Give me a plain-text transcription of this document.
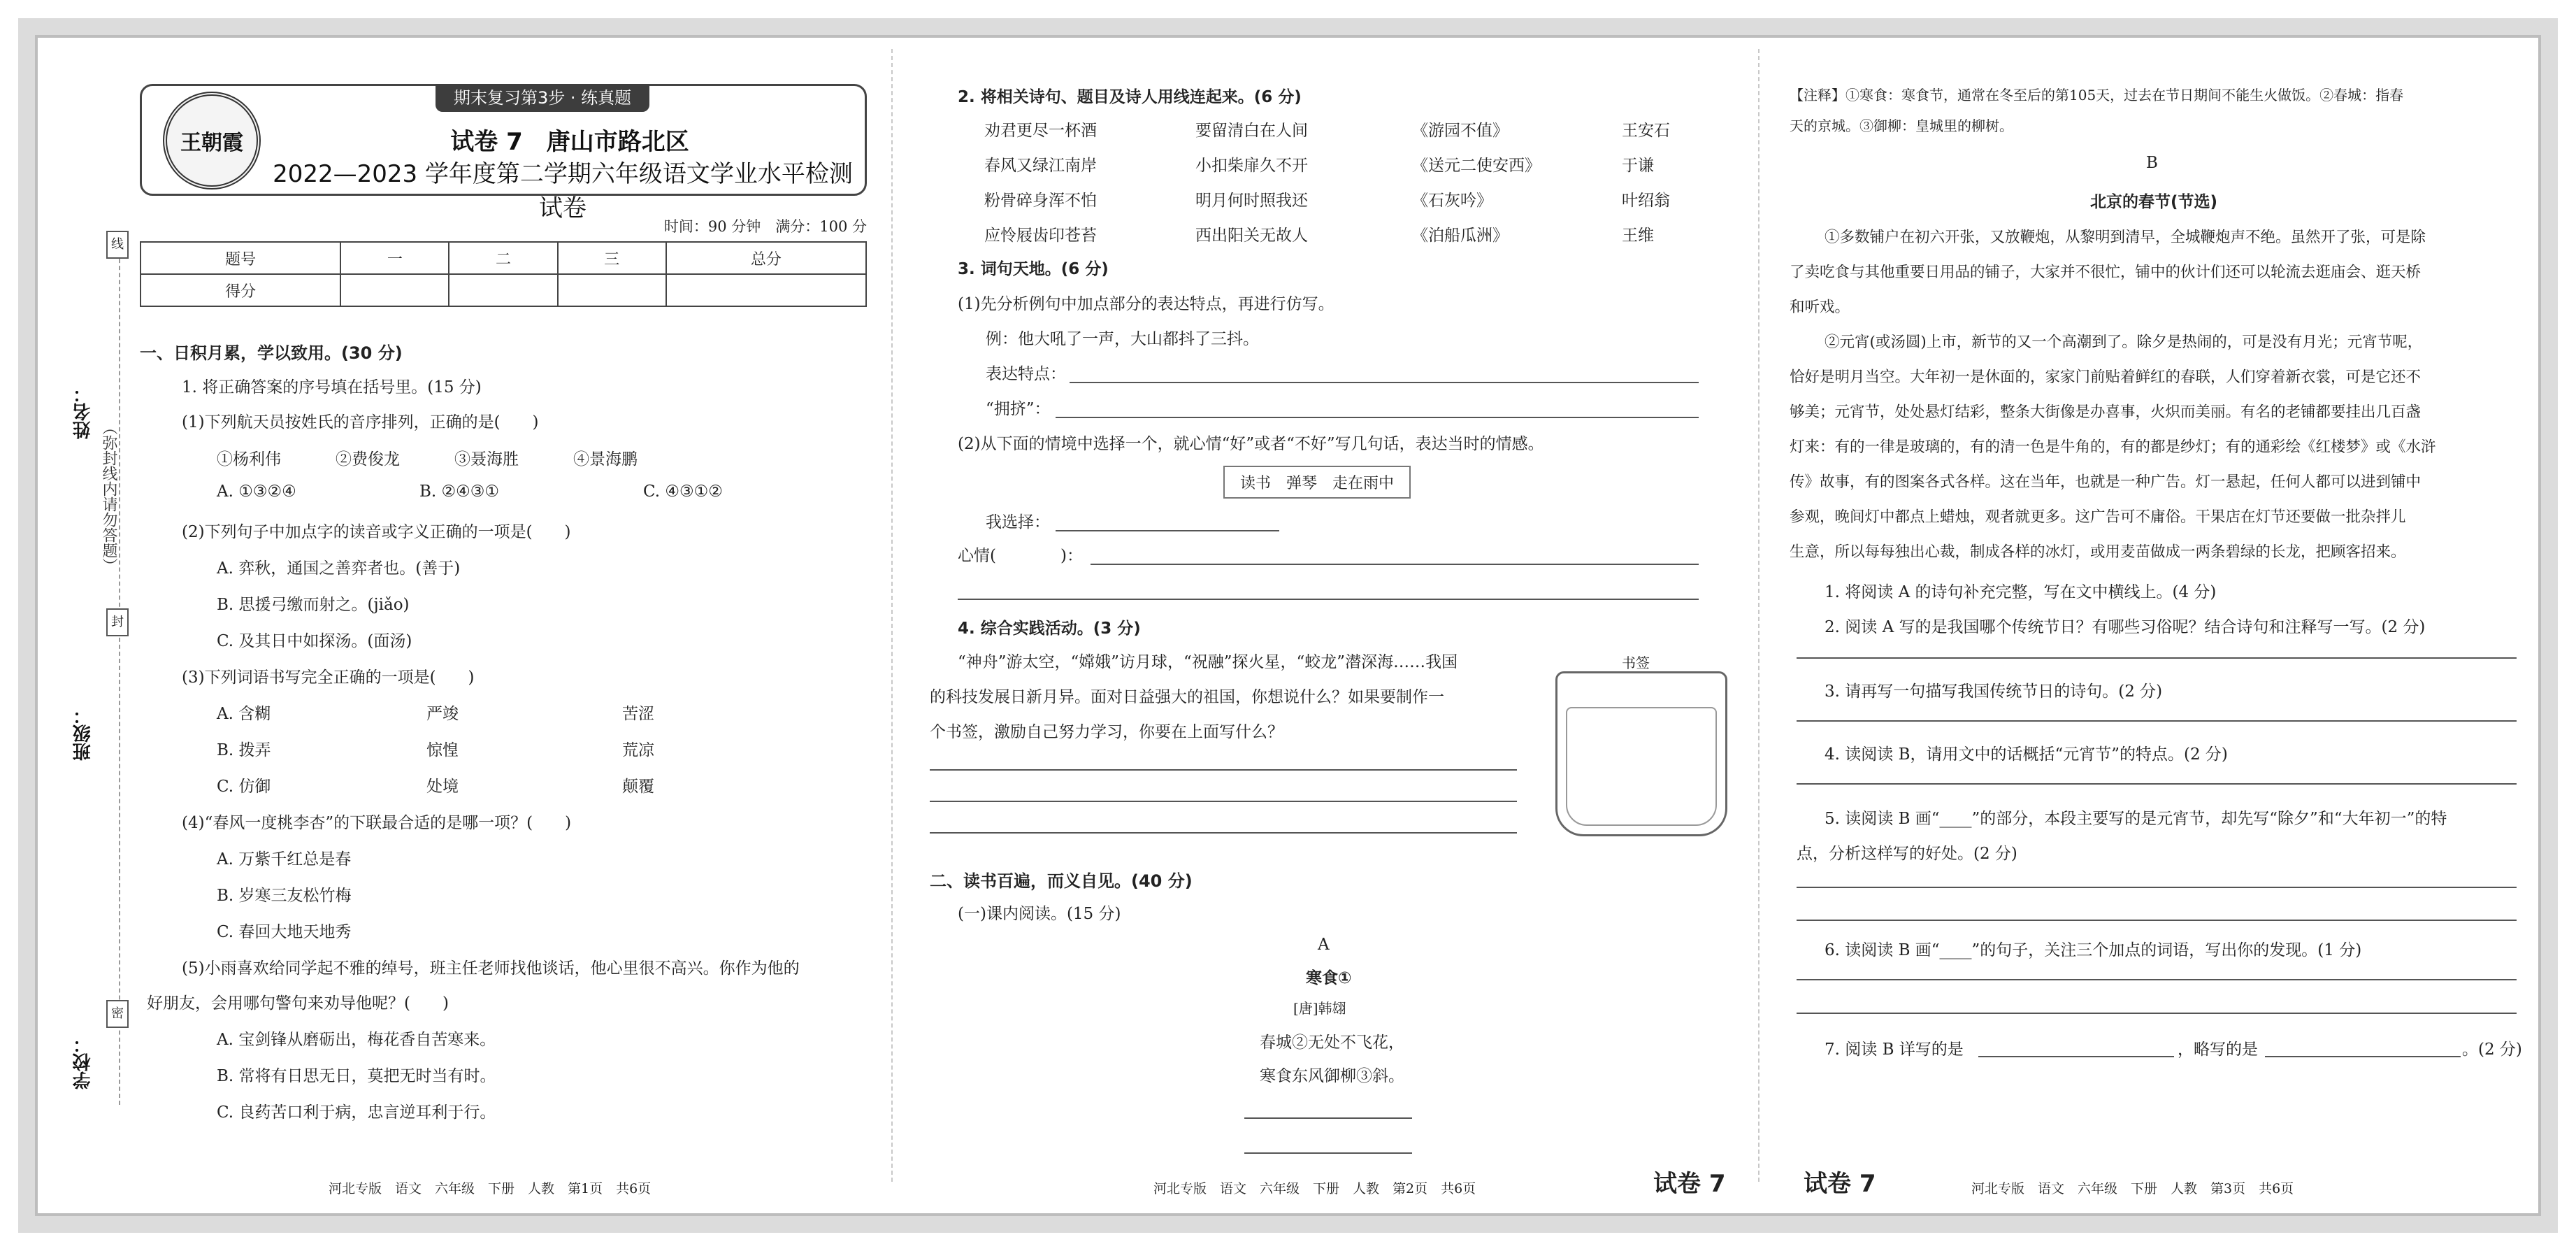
姓名：
（弥封线内请勿答题）
班级：
学校：
线
封
密
王朝霞
期末复习第3步 · 练真题
试卷 7　唐山市路北区
2022—2023 学年度第二学期六年级语文学业水平检测试卷
时间：90 分钟　满分：100 分
题号	一	二	三	总分
得分				
一、日积月累，学以致用。(30 分)
1. 将正确答案的序号填在括号里。(15 分)
(1)下列航天员按姓氏的音序排列，正确的是(　　)
①杨利伟	②费俊龙	③聂海胜	④景海鹏
A. ①③②④	B. ②④③①	C. ④③①②
(2)下列句子中加点字的读音或字义正确的一项是(　　)
A. 弈秋，通国之善弈者也。(善于)
B. 思援弓缴而射之。(jiǎo)
C. 及其日中如探汤。(面汤)
(3)下列词语书写完全正确的一项是(　　)
A. 含糊	严竣	苦涩
B. 拨弄	惊惶	荒凉
C. 仿御	处境	颠覆
(4)“春风一度桃李杏”的下联最合适的是哪一项？(　　)
A. 万紫千红总是春
B. 岁寒三友松竹梅
C. 春回大地天地秀
(5)小雨喜欢给同学起不雅的绰号，班主任老师找他谈话，他心里很不高兴。你作为他的
好朋友，会用哪句警句来劝导他呢？(　　)
A. 宝剑锋从磨砺出，梅花香自苦寒来。
B. 常将有日思无日，莫把无时当有时。
C. 良药苦口利于病，忠言逆耳利于行。
河北专版　语文　六年级　下册　人教　第1页　共6页
2. 将相关诗句、题目及诗人用线连起来。(6 分)
劝君更尽一杯酒	要留清白在人间	《游园不值》	王安石
春风又绿江南岸	小扣柴扉久不开	《送元二使安西》	于谦
粉骨碎身浑不怕	明月何时照我还	《石灰吟》	叶绍翁
应怜屐齿印苍苔	西出阳关无故人	《泊船瓜洲》	王维
3. 词句天地。(6 分)
(1)先分析例句中加点部分的表达特点，再进行仿写。
例：他大吼了一声，大山都抖了三抖。
表达特点：
“拥挤”：
(2)从下面的情境中选择一个，就心情“好”或者“不好”写几句话，表达当时的情感。
读书　弹琴　走在雨中
我选择：
心情(　　　　)：
4. 综合实践活动。(3 分)
“神舟”游太空，“嫦娥”访月球，“祝融”探火星，“蛟龙”潜深海……我国
的科技发展日新月异。面对日益强大的祖国，你想说什么？如果要制作一
个书签，激励自己努力学习，你要在上面写什么？
书签
二、读书百遍，而义自见。(40 分)
(一)课内阅读。(15 分)
A
寒食①
[唐]韩翃
春城②无处不飞花，
寒食东风御柳③斜。
河北专版　语文　六年级　下册　人教　第2页　共6页	试卷 7
【注释】①寒食：寒食节，通常在冬至后的第105天，过去在节日期间不能生火做饭。②春城：指春
天的京城。③御柳：皇城里的柳树。
B
北京的春节(节选)
①多数铺户在初六开张，又放鞭炮，从黎明到清早，全城鞭炮声不绝。虽然开了张，可是除
了卖吃食与其他重要日用品的铺子，大家并不很忙，铺中的伙计们还可以轮流去逛庙会、逛天桥
和听戏。
②元宵(或汤圆)上市，新节的又一个高潮到了。除夕是热闹的，可是没有月光；元宵节呢，
恰好是明月当空。大年初一是休面的，家家门前贴着鲜红的春联，人们穿着新衣裳，可是它还不
够美；元宵节，处处悬灯结彩，整条大街像是办喜事，火炽而美丽。有名的老铺都要挂出几百盏
灯来：有的一律是玻璃的，有的清一色是牛角的，有的都是纱灯；有的通彩绘《红楼梦》或《水浒
传》故事，有的图案各式各样。这在当年，也就是一种广告。灯一悬起，任何人都可以进到铺中
参观，晚间灯中都点上蜡烛，观者就更多。这广告可不庸俗。干果店在灯节还要做一批杂拌儿
生意，所以每每独出心裁，制成各样的冰灯，或用麦苗做成一两条碧绿的长龙，把顾客招来。
1. 将阅读 A 的诗句补充完整，写在文中横线上。(4 分)
2. 阅读 A 写的是我国哪个传统节日？有哪些习俗呢？结合诗句和注释写一写。(2 分)
3. 请再写一句描写我国传统节日的诗句。(2 分)
4. 读阅读 B，请用文中的话概括“元宵节”的特点。(2 分)
5. 读阅读 B 画“____”的部分，本段主要写的是元宵节，却先写“除夕”和“大年初一”的特
点，分析这样写的好处。(2 分)
6. 读阅读 B 画“____”的句子，关注三个加点的词语，写出你的发现。(1 分)
7. 阅读 B 详写的是	，略写的是	。(2 分)
试卷 7	河北专版　语文　六年级　下册　人教　第3页　共6页
